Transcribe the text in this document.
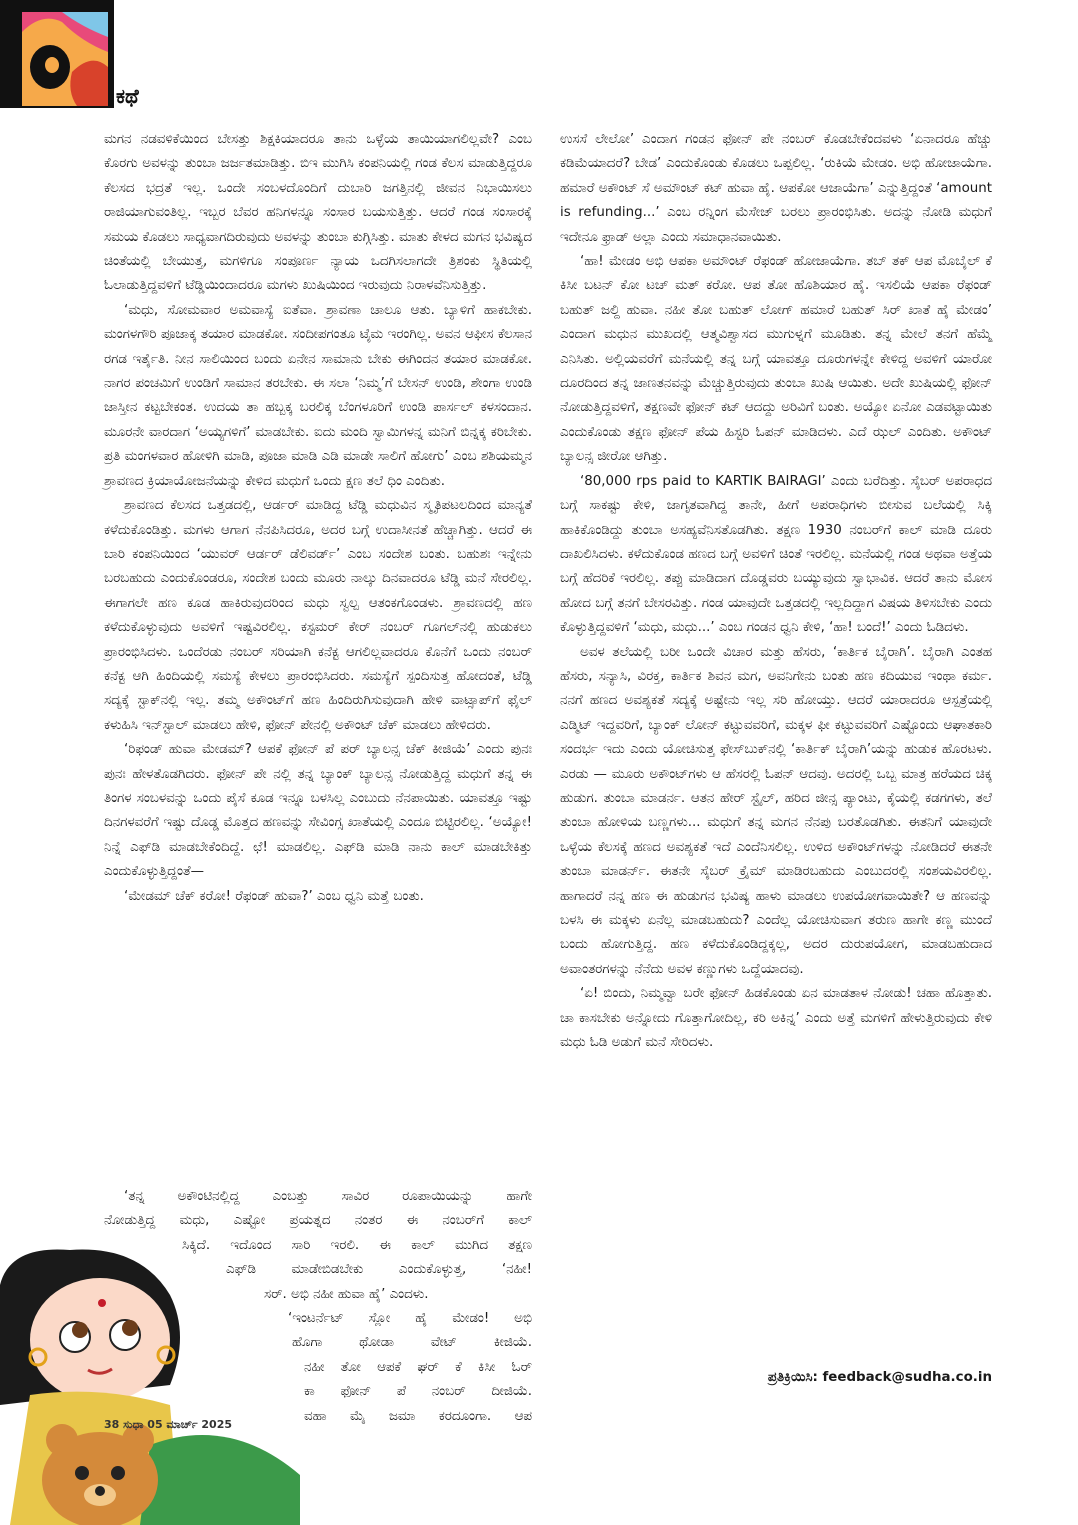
ಕಥೆ

ಮಗನ ನಡವಳಿಕೆಯಿಂದ ಬೇಸತ್ತು ಶಿಕ್ಷಕಿಯಾದರೂ ತಾನು ಒಳ್ಳೆಯ ತಾಯಿಯಾಗಲಿಲ್ಲವೇ? ಎಂಬ ಕೊರಗು ಅವಳನ್ನು ತುಂಬಾ ಜರ್ಜತಮಾಡಿತ್ತು. ಬಿಇ ಮುಗಿಸಿ ಕಂಪನಿಯಲ್ಲಿ ಗಂಡ ಕೆಲಸ ಮಾಡುತ್ತಿದ್ದರೂ ಕೆಲಸದ ಭದ್ರತೆ ಇಲ್ಲ. ಒಂದೇ ಸಂಬಳದೊಂದಿಗೆ ದುಬಾರಿ ಜಗತ್ತಿನಲ್ಲಿ ಜೀವನ ನಿಭಾಯಿಸಲು ರಾಜಿಯಾಗುವಂತಿಲ್ಲ. ಇಬ್ಬರ ಬೆವರ ಹನಿಗಳನ್ನೂ ಸಂಸಾರ ಬಯಸುತ್ತಿತ್ತು. ಆದರೆ ಗಂಡ ಸಂಸಾರಕ್ಕೆ ಸಮಯ ಕೊಡಲು ಸಾಧ್ಯವಾಗದಿರುವುದು ಅವಳನ್ನು ತುಂಬಾ ಕುಗ್ಗಿಸಿತ್ತು. ಮಾತು ಕೇಳದ ಮಗನ ಭವಿಷ್ಯದ ಚಿಂತೆಯಲ್ಲಿ ಬೇಯುತ್ತ, ಮಗಳಿಗೂ ಸಂಪೂರ್ಣ ನ್ಯಾಯ ಒದಗಿಸಲಾಗದೇ ತ್ರಿಶಂಕು ಸ್ಥಿತಿಯಲ್ಲಿ ಓಲಾಡುತ್ತಿದ್ದವಳಿಗೆ ಟೆಡ್ಡಿಯಿಂದಾದರೂ ಮಗಳು ಖುಷಿಯಿಂದ ಇರುವುದು ನಿರಾಳವೆನಿಸುತ್ತಿತ್ತು.

‘ಮಧು, ಸೋಮವಾರ ಅಮವಾಸ್ಯೆ ಐತೆವಾ. ಶ್ರಾವಣಾ ಚಾಲೂ ಆತು. ಬ್ಯಾಳಿಗೆ ಹಾಕಬೇಕು. ಮಂಗಳಗೌರಿ ಪೂಜಾಕ್ಕ ತಯಾರ ಮಾಡಕೋ. ಸಂದೀಪಗಂತೂ ಟೈಮ ಇರಂಗಿಲ್ಲ. ಅವನ ಆಫೀಸ ಕೆಲಸಾನ ರಗಡ ಇರ್ತೈತಿ. ನೀನ ಸಾಲಿಯಿಂದ ಬಂದು ಏನೇನ ಸಾಮಾನು ಬೇಕು ಈಗಿಂದನ ತಯಾರ ಮಾಡಕೋ. ನಾಗರ ಪಂಚಮಿಗೆ ಉಂಡಿಗೆ ಸಾಮಾನ ತರಬೇಕು. ಈ ಸಲಾ ‘ನಿಮ್ಮ’ಗೆ ಬೇಸನ್ ಉಂಡಿ, ಶೇಂಗಾ ಉಂಡಿ ಜಾಸ್ತೀನ ಕಟ್ಟಬೇಕಂತ. ಉದಯ ತಾ ಹಬ್ಬಕ್ಕ ಬರಲಿಕ್ಕ ಬೆಂಗಳೂರಿಗೆ ಉಂಡಿ ಪಾರ್ಸಲ್ ಕಳಸಂದಾನ. ಮೂರನೇ ವಾರದಾಗ ‘ಅಯ್ಯಗಳಿಗೆ’ ಮಾಡಬೇಕು. ಐದು ಮಂದಿ ಸ್ವಾಮಿಗಳನ್ನ ಮನಿಗೆ ಬಿನ್ನಕ್ಕ ಕರಿಬೇಕು. ಪ್ರತಿ ಮಂಗಳವಾರ ಹೋಳಿಗಿ ಮಾಡಿ, ಪೂಜಾ ಮಾಡಿ ಎಡಿ ಮಾಡೇ ಸಾಲಿಗೆ ಹೋಗು’ ಎಂಬ ಶಶಿಯಮ್ಮನ ಶ್ರಾವಣದ ಕ್ರಿಯಾಯೋಜನೆಯನ್ನು ಕೇಳಿದ ಮಧುಗೆ ಒಂದು ಕ್ಷಣ ತಲೆ ಧಿಂ ಎಂದಿತು.

ಶ್ರಾವಣದ ಕೆಲಸದ ಒತ್ತಡದಲ್ಲಿ, ಆರ್ಡರ್ ಮಾಡಿದ್ದ ಟೆಡ್ಡಿ ಮಧುವಿನ ಸ್ಮೃತಿಪಟಲದಿಂದ ಮಾನ್ಯತೆ ಕಳೆದುಕೊಂಡಿತ್ತು. ಮಗಳು ಆಗಾಗ ನೆನಪಿಸಿದರೂ, ಅದರ ಬಗ್ಗೆ ಉದಾಸೀನತೆ ಹೆಚ್ಚಾಗಿತ್ತು. ಆದರೆ ಈ ಬಾರಿ ಕಂಪನಿಯಿಂದ ‘ಯುವರ್ ಆರ್ಡರ್ ಡೆಲಿವರ್ಡ್’ ಎಂಬ ಸಂದೇಶ ಬಂತು. ಬಹುಶಃ ಇನ್ನೇನು ಬರಬಹುದು ಎಂದುಕೊಂಡರೂ, ಸಂದೇಶ ಬಂದು ಮೂರು ನಾಲ್ಕು ದಿನವಾದರೂ ಟೆಡ್ಡಿ ಮನೆ ಸೇರಲಿಲ್ಲ. ಈಗಾಗಲೇ ಹಣ ಕೂಡ ಹಾಕಿರುವುದರಿಂದ ಮಧು ಸ್ವಲ್ಪ ಆತಂಕಗೊಂಡಳು. ಶ್ರಾವಣದಲ್ಲಿ ಹಣ ಕಳೆದುಕೊಳ್ಳುವುದು ಅವಳಿಗೆ ಇಷ್ಟವಿರಲಿಲ್ಲ. ಕಸ್ಟಮರ್ ಕೇರ್ ನಂಬರ್ ಗೂಗಲ್‌ನಲ್ಲಿ ಹುಡುಕಲು ಪ್ರಾರಂಭಿಸಿದಳು. ಒಂದೆರಡು ನಂಬರ್ ಸರಿಯಾಗಿ ಕನೆಕ್ಟ ಆಗಲಿಲ್ಲವಾದರೂ ಕೊನೆಗೆ ಒಂದು ನಂಬರ್ ಕನೆಕ್ಟ ಆಗಿ ಹಿಂದಿಯಲ್ಲಿ ಸಮಸ್ಯೆ ಕೇಳಲು ಪ್ರಾರಂಭಿಸಿದರು. ಸಮಸ್ಯೆಗೆ ಸ್ಪಂದಿಸುತ್ತ ಹೋದಂತೆ, ಟೆಡ್ಡಿ ಸದ್ಯಕ್ಕೆ ಸ್ಟಾಕ್‌ನಲ್ಲಿ ಇಲ್ಲ. ತಮ್ಮ ಅಕೌಂಟ್‌ಗೆ ಹಣ ಹಿಂದಿರುಗಿಸುವುದಾಗಿ ಹೇಳಿ ವಾಟ್ಸಾಪ್‌ಗೆ ಫೈಲ್ ಕಳುಹಿಸಿ ಇನ್‌ಸ್ಟಾಲ್ ಮಾಡಲು ಹೇಳಿ, ಫೋನ್ ಪೇನಲ್ಲಿ ಅಕೌಂಟ್ ಚೆಕ್ ಮಾಡಲು ಹೇಳಿದರು.

‘ರಿಫಂಡ್ ಹುವಾ ಮೇಡಮ್? ಆಪಕೆ ಫೋನ್ ಪೆ ಪರ್ ಬ್ಯಾಲನ್ಸ ಚೆಕ್ ಕೀಜಿಯೆ’ ಎಂದು ಪುನಃ ಪುನಃ ಹೇಳತೊಡಗಿದರು. ಫೋನ್ ಪೇ ನಲ್ಲಿ ತನ್ನ ಬ್ಯಾಂಕ್ ಬ್ಯಾಲನ್ಸ ನೋಡುತ್ತಿದ್ದ ಮಧುಗೆ ತನ್ನ ಈ ತಿಂಗಳ ಸಂಬಳವನ್ನು ಒಂದು ಪೈಸೆ ಕೂಡ ಇನ್ನೂ ಬಳಸಿಲ್ಲ ಎಂಬುದು ನೆನಪಾಯಿತು. ಯಾವತ್ತೂ ಇಷ್ಟು ದಿನಗಳವರೆಗೆ ಇಷ್ಟು ದೊಡ್ಡ ಮೊತ್ತದ ಹಣವನ್ನು ಸೇವಿಂಗ್ಸ ಖಾತೆಯಲ್ಲಿ ಎಂದೂ ಬಿಟ್ಟಿರಲಿಲ್ಲ. ‘ಅಯ್ಯೋ! ನಿನ್ನೆ ಎಫ್‌ಡಿ ಮಾಡಬೇಕೆಂದಿದ್ದೆ. ಛೆ! ಮಾಡಲಿಲ್ಲ. ಎಫ್‌ಡಿ ಮಾಡಿ ನಾನು ಕಾಲ್ ಮಾಡಬೇಕಿತ್ತು ಎಂದುಕೊಳ್ಳುತ್ತಿದ್ದಂತೆ—

‘ಮೇಡಮ್ ಚೆಕ್ ಕರೋ! ರೆಫಂಡ್ ಹುವಾ?’ ಎಂಬ ಧ್ವನಿ ಮತ್ತೆ ಬಂತು.

‘ತನ್ನ ಅಕೌಂಟಿನಲ್ಲಿದ್ದ ಎಂಬತ್ತು ಸಾವಿರ ರೂಪಾಯಿಯನ್ನು ಹಾಗೇ
ನೋಡುತ್ತಿದ್ದ ಮಧು, ಎಷ್ಟೋ ಪ್ರಯತ್ನದ ನಂತರ ಈ ನಂಬರ್‌ಗೆ ಕಾಲ್
ಸಿಕ್ಕಿದೆ. ಇದೊಂದ ಸಾರಿ ಇರಲಿ. ಈ ಕಾಲ್ ಮುಗಿದ ತಕ್ಷಣ
ಎಫ್‌ಡಿ ಮಾಡೇಬಿಡಬೇಕು ಎಂದುಕೊಳ್ಳುತ್ತ, ‘ನಹೀ!
ಸರ್. ಅಭಿ ನಹೀ ಹುವಾ ಹೈ’ ಎಂದಳು.
‘ಇಂಟರ್ನೆಟ್ ಸ್ಲೋ ಹೈ ಮೇಡಂ! ಅಭಿ
ಹೊಗಾ ಥೋಡಾ ವೇಟ್ ಕೀಜಿಯೆ.
ನಹೀ ತೋ ಆಪಕೆ ಘರ್ ಕೆ ಕಿಸೀ ಓರ್
ಕಾ ಫೋನ್ ಪೆ ನಂಬರ್ ದೀಜಿಯೆ.
ವಹಾ ಮೈ ಜಮಾ ಕರದೂಂಗಾ. ಆಪ

ಉಸಸೆ ಲೇಲೋ’ ಎಂದಾಗ ಗಂಡನ ಫೋನ್ ಪೇ ನಂಬರ್ ಕೊಡಬೇಕೆಂದವಳು ‘ಏನಾದರೂ ಹೆಚ್ಚು ಕಡಿಮೆಯಾದರೆ? ಬೇಡ’ ಎಂದುಕೊಂಡು ಕೊಡಲು ಒಪ್ಪಲಿಲ್ಲ. ‘ರುಕಿಯೆ ಮೇಡಂ. ಅಭಿ ಹೋಜಾಯೆಗಾ. ಹಮಾರೆ ಅಕೌಂಟ್ ಸೆ ಅಮೌಂಟ್ ಕಟ್ ಹುವಾ ಹೈ. ಆಪಕೋ ಆಜಾಯೆಗಾ’ ಎನ್ನುತ್ತಿದ್ದಂತೆ ‘amount is refunding...’ ಎಂಬ ರನ್ನಿಂಗ ಮೆಸೇಜ್ ಬರಲು ಪ್ರಾರಂಭಿಸಿತು. ಅದನ್ನು ನೋಡಿ ಮಧುಗೆ ಇದೇನೂ ಫ್ರಾಡ್ ಅಲ್ಲಾ ಎಂದು ಸಮಾಧಾನವಾಯಿತು.

‘ಹಾ! ಮೇಡಂ ಅಭಿ ಆಪಕಾ ಅಮೌಂಟ್ ರೆಫಂಡ್ ಹೋಜಾಯೆಗಾ. ತಬ್ ತಕ್ ಆಪ ಮೊಬೈಲ್ ಕೆ ಕಿಸೀ ಬಟನ್ ಕೋ ಟಚ್ ಮತ್ ಕರೋ. ಆಪ ತೋ ಹೊಶಿಯಾರ ಹೈ. ಇಸಲಿಯೆ ಆಪಕಾ ರೆಫಂಡ್ ಬಹುತ್ ಜಲ್ದಿ ಹುವಾ. ನಹೀ ತೋ ಬಹುತ್ ಲೋಗ್ ಹಮಾರೆ ಬಹುತ್ ಸಿರ್ ಖಾತೆ ಹೈ ಮೇಡಂ’ ಎಂದಾಗ ಮಧುನ ಮುಖದಲ್ಲಿ ಆತ್ಮವಿಶ್ವಾಸದ ಮುಗುಳ್ನಗೆ ಮೂಡಿತು. ತನ್ನ ಮೇಲೆ ತನಗೆ ಹೆಮ್ಮೆ ಎನಿಸಿತು. ಅಲ್ಲಿಯವರೆಗೆ ಮನೆಯಲ್ಲಿ ತನ್ನ ಬಗ್ಗೆ ಯಾವತ್ತೂ ದೂರುಗಳನ್ನೇ ಕೇಳಿದ್ದ ಅವಳಿಗೆ ಯಾರೋ ದೂರದಿಂದ ತನ್ನ ಜಾಣತನವನ್ನು ಮೆಚ್ಚುತ್ತಿರುವುದು ತುಂಬಾ ಖುಷಿ ಆಯಿತು. ಅದೇ ಖುಷಿಯಲ್ಲಿ ಫೋನ್ ನೋಡುತ್ತಿದ್ದವಳಿಗೆ, ತಕ್ಷಣವೇ ಫೋನ್ ಕಟ್ ಆದದ್ದು ಅರಿವಿಗೆ ಬಂತು. ಅಯ್ಯೋ ಏನೋ ಎಡವಟ್ಟಾಯಿತು ಎಂದುಕೊಂಡು ತಕ್ಷಣ ಫೋನ್ ಪೆಯ ಹಿಸ್ಟರಿ ಓಪನ್ ಮಾಡಿದಳು. ಎದೆ ಝಲ್ ಎಂದಿತು. ಅಕೌಂಟ್ ಬ್ಯಾಲನ್ಸ ಜೀರೋ ಆಗಿತ್ತು.

‘80,000 rps paid to KARTIK BAIRAGI’ ಎಂದು ಬರೆದಿತ್ತು. ಸೈಬರ್ ಅಪರಾಧದ ಬಗ್ಗೆ ಸಾಕಷ್ಟು ಕೇಳಿ, ಜಾಗೃತವಾಗಿದ್ದ ತಾನೇ, ಹೀಗೆ ಅಪರಾಧಿಗಳು ಬೀಸುವ ಬಲೆಯಲ್ಲಿ ಸಿಕ್ಕಿ ಹಾಕಿಕೊಂಡಿದ್ದು ತುಂಬಾ ಅಸಹ್ಯವೆನಿಸತೊಡಗಿತು. ತಕ್ಷಣ 1930 ನಂಬರ್‌ಗೆ ಕಾಲ್ ಮಾಡಿ ದೂರು ದಾಖಲಿಸಿದಳು. ಕಳೆದುಕೊಂಡ ಹಣದ ಬಗ್ಗೆ ಅವಳಿಗೆ ಚಿಂತೆ ಇರಲಿಲ್ಲ. ಮನೆಯಲ್ಲಿ ಗಂಡ ಅಥವಾ ಅತ್ತೆಯ ಬಗ್ಗೆ ಹೆದರಿಕೆ ಇರಲಿಲ್ಲ. ತಪ್ಪು ಮಾಡಿದಾಗ ದೊಡ್ಡವರು ಬಯ್ಯುವುದು ಸ್ವಾಭಾವಿಕ. ಆದರೆ ತಾನು ಮೋಸ ಹೋದ ಬಗ್ಗೆ ತನಗೆ ಬೇಸರವಿತ್ತು. ಗಂಡ ಯಾವುದೇ ಒತ್ತಡದಲ್ಲಿ ಇಲ್ಲದಿದ್ದಾಗ ವಿಷಯ ತಿಳಿಸಬೇಕು ಎಂದು ಕೊಳ್ಳುತ್ತಿದ್ದವಳಿಗೆ ‘ಮಧು, ಮಧು...’ ಎಂಬ ಗಂಡನ ಧ್ವನಿ ಕೇಳಿ, ‘ಹಾ! ಬಂದೆ!’ ಎಂದು ಓಡಿದಳು.

ಅವಳ ತಲೆಯಲ್ಲಿ ಬರೀ ಒಂದೇ ವಿಚಾರ ಮತ್ತು ಹೆಸರು, ‘ಕಾರ್ತಿಕ ಬೈರಾಗಿ’. ಬೈರಾಗಿ ಎಂತಹ ಹೆಸರು, ಸನ್ಯಾಸಿ, ವಿರಕ್ತ, ಕಾರ್ತಿಕ ಶಿವನ ಮಗ, ಅವನಿಗೇನು ಬಂತು ಹಣ ಕದಿಯುವ ಇಂಥಾ ಕರ್ಮ. ನನಗೆ ಹಣದ ಅವಶ್ಯಕತೆ ಸದ್ಯಕ್ಕೆ ಅಷ್ಟೇನು ಇಲ್ಲ ಸರಿ ಹೋಯ್ತು. ಆದರೆ ಯಾರಾದರೂ ಆಸ್ಪತ್ರೆಯಲ್ಲಿ ಎಡ್ಮಿಟ್ ಇದ್ದವರಿಗೆ, ಬ್ಯಾಂಕ್ ಲೋನ್ ಕಟ್ಟುವವರಿಗೆ, ಮಕ್ಕಳ ಫೀ ಕಟ್ಟುವವರಿಗೆ ಎಷ್ಟೊಂದು ಆಘಾತಕಾರಿ ಸಂದರ್ಭ ಇದು ಎಂದು ಯೋಚಿಸುತ್ತ ಫೇಸ್‌ಬುಕ್‌ನಲ್ಲಿ ‘ಕಾರ್ತಿಕ್ ಬೈರಾಗಿ’ಯನ್ನು ಹುಡುಕ ಹೊರಟಳು. ಎರಡು — ಮೂರು ಅಕೌಂಟ್‌ಗಳು ಆ ಹೆಸರಲ್ಲಿ ಓಪನ್ ಆದವು. ಅದರಲ್ಲಿ ಒಬ್ಬ ಮಾತ್ರ ಹರೆಯದ ಚಿಕ್ಕ ಹುಡುಗ. ತುಂಬಾ ಮಾಡರ್ನ. ಆತನ ಹೇರ್ ಸ್ಟೈಲ್, ಹರಿದ ಜೀನ್ಸ ಪ್ಯಾಂಟು, ಕೈಯಲ್ಲಿ ಕಡಗಗಳು, ತಲೆ ತುಂಬಾ ಹೋಳಿಯ ಬಣ್ಣಗಳು... ಮಧುಗೆ ತನ್ನ ಮಗನ ನೆನಪು ಬರತೊಡಗಿತು. ಈತನಿಗೆ ಯಾವುದೇ ಒಳ್ಳೆಯ ಕೆಲಸಕ್ಕೆ ಹಣದ ಅವಶ್ಯಕತೆ ಇದೆ ಎಂದೆನಿಸಲಿಲ್ಲ. ಉಳಿದ ಅಕೌಂಟ್‌ಗಳನ್ನು ನೋಡಿದರೆ ಈತನೇ ತುಂಬಾ ಮಾಡರ್ನ್. ಈತನೇ ಸೈಬರ್ ಕ್ರೈಮ್ ಮಾಡಿರಬಹುದು ಎಂಬುದರಲ್ಲಿ ಸಂಶಯವಿರಲಿಲ್ಲ. ಹಾಗಾದರೆ ನನ್ನ ಹಣ ಈ ಹುಡುಗನ ಭವಿಷ್ಯ ಹಾಳು ಮಾಡಲು ಉಪಯೋಗವಾಯಿತೇ? ಆ ಹಣವನ್ನು ಬಳಸಿ ಈ ಮಕ್ಕಳು ಏನೆಲ್ಲ ಮಾಡಬಹುದು? ಎಂದೆಲ್ಲ ಯೋಚಿಸುವಾಗ ತರುಣ ಹಾಗೇ ಕಣ್ಣ ಮುಂದೆ ಬಂದು ಹೋಗುತ್ತಿದ್ದ. ಹಣ ಕಳೆದುಕೊಂಡಿದ್ದಕ್ಕಲ್ಲ, ಅದರ ದುರುಪಯೋಗ, ಮಾಡಬಹುದಾದ ಅವಾಂತರಗಳನ್ನು ನೆನೆದು ಅವಳ ಕಣ್ಣುಗಳು ಒದ್ದೆಯಾದವು.

‘ಏ! ಬಿಂದು, ನಿಮ್ಮವ್ವಾ ಬರೇ ಫೋನ್ ಹಿಡಕೊಂಡು ಏನ ಮಾಡತಾಳ ನೋಡು! ಚಹಾ ಹೊತ್ತಾತು. ಚಾ ಕಾಸಬೇಕು ಅನ್ನೋದು ಗೊತ್ತಾಗೋದಿಲ್ಲ, ಕರಿ ಅಕಿನ್ನ’ ಎಂದು ಅತ್ತೆ ಮಗಳಿಗೆ ಹೇಳುತ್ತಿರುವುದು ಕೇಳಿ ಮಧು ಓಡಿ ಅಡುಗೆ ಮನೆ ಸೇರಿದಳು.

ಪ್ರತಿಕ್ರಿಯಿಸಿ: feedback@sudha.co.in
38 ಸುಧಾ 05 ಮಾರ್ಚ್ 2025
